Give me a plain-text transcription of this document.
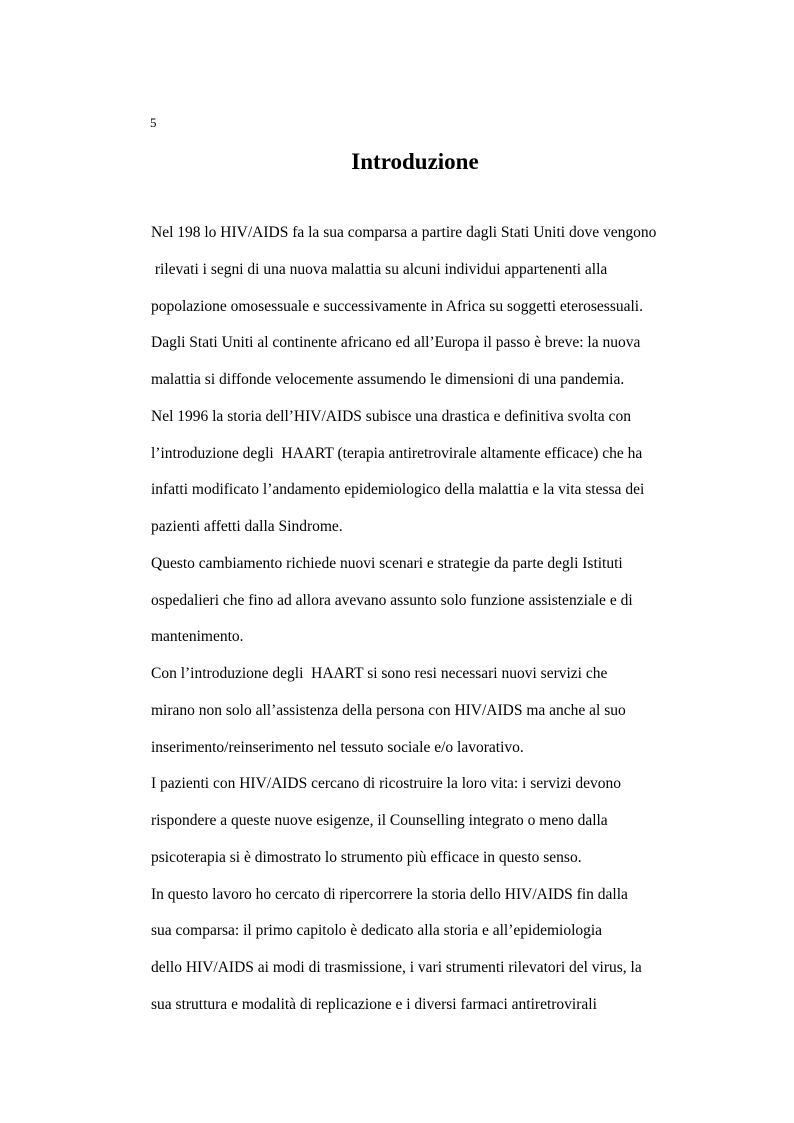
5
Introduzione
Nel 198 lo HIV/AIDS fa la sua comparsa a partire dagli Stati Uniti dove vengono
rilevati i segni di una nuova malattia su alcuni individui appartenenti alla
popolazione omosessuale e successivamente in Africa su soggetti eterosessuali.
Dagli Stati Uniti al continente africano ed all’Europa il passo è breve: la nuova
malattia si diffonde velocemente assumendo le dimensioni di una pandemia.
Nel 1996 la storia dell’HIV/AIDS subisce una drastica e definitiva svolta con
l’introduzione degli  HAART (terapia antiretrovirale altamente efficace) che ha
infatti modificato l’andamento epidemiologico della malattia e la vita stessa dei
pazienti affetti dalla Sindrome.
Questo cambiamento richiede nuovi scenari e strategie da parte degli Istituti
ospedalieri che fino ad allora avevano assunto solo funzione assistenziale e di
mantenimento.
Con l’introduzione degli  HAART si sono resi necessari nuovi servizi che
mirano non solo all’assistenza della persona con HIV/AIDS ma anche al suo
inserimento/reinserimento nel tessuto sociale e/o lavorativo.
I pazienti con HIV/AIDS cercano di ricostruire la loro vita: i servizi devono
rispondere a queste nuove esigenze, il Counselling integrato o meno dalla
psicoterapia si è dimostrato lo strumento più efficace in questo senso.
In questo lavoro ho cercato di ripercorrere la storia dello HIV/AIDS fin dalla
sua comparsa: il primo capitolo è dedicato alla storia e all’epidemiologia
dello HIV/AIDS ai modi di trasmissione, i vari strumenti rilevatori del virus, la
sua struttura e modalità di replicazione e i diversi farmaci antiretrovirali
